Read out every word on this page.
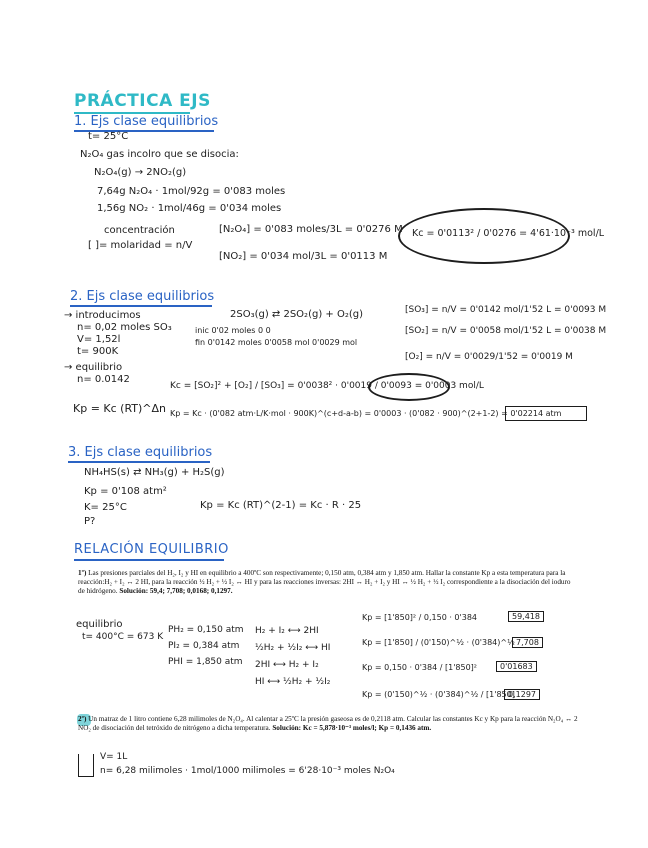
PRÁCTICA EJS
1. Ejs clase equilibrios
t= 25°C
N₂O₄ gas incolro que se disocia:
N₂O₄(g) → 2NO₂(g)
7,64g N₂O₄ · 1mol/92g = 0'083 moles
1,56g NO₂ · 1mol/46g = 0'034 moles
concentración
[ ]= molaridad = n/V
[N₂O₄] = 0'083 moles/3L = 0'0276 M
[NO₂] = 0'034 mol/3L = 0'0113 M
Kc = 0'0113² / 0'0276 = 4'61·10⁻³ mol/L
2. Ejs clase equilibrios
→ introducimos
n= 0,02 moles SO₃
V= 1,52l
t= 900K
→ equilibrio
n= 0.0142
2SO₃(g) ⇄ 2SO₂(g) + O₂(g)
inic 0'02 moles 0 0
fin 0'0142 moles 0'0058 mol 0'0029 mol
[SO₃] = n/V = 0'0142 mol/1'52 L = 0'0093 M
[SO₂] = n/V = 0'0058 mol/1'52 L = 0'0038 M
[O₂] = n/V = 0'0029/1'52 = 0'0019 M
Kc = [SO₂]² + [O₂] / [SO₃] = 0'0038² · 0'0019 / 0'0093 = 0'0003 mol/L
Kp = Kc (RT)^Δn Kp = Kc · (0'082 atm·L/K·mol · 900K)^(c+d-a-b) = 0'0003 · (0'082 · 900)^(2+1-2) = 0'02214 atm
3. Ejs clase equilibrios
NH₄HS(s) ⇄ NH₃(g) + H₂S(g)
Kp = 0'108 atm²
K= 25°C
P?
Kp = Kc (RT)^(2-1) = Kc · R · 25
RELACIÓN EQUILIBRIO
1º) Las presiones parciales del H₂, I₂ y HI en equilibrio a 400ºC son respectivamente; 0,150 atm, 0,384 atm y 1,850 atm. Hallar la constante Kp a esta temperatura para la reacción:H₂ + I₂ ↔ 2 HI, para la reacción ½ H₂ + ½ I₂ ↔ HI y para las reacciones inversas: 2HI ↔ H₂ + I₂ y HI ↔ ½ H₂ + ½ I₂ correspondiente a la disociación del ioduro de hidrógeno. Solución: 59,4; 7,708; 0,0168; 0,1297.
equilibrio
t= 400°C = 673 K
PH₂ = 0,150 atm
PI₂ = 0,384 atm
PHI = 1,850 atm
H₂ + I₂ ⟷ 2HI
½H₂ + ½I₂ ⟷ HI
2HI ⟷ H₂ + I₂
HI ⟷ ½H₂ + ½I₂
Kp = [1'850]² / 0,150 · 0'384	59,418
Kp = [1'850] / (0'150)^½ · (0'384)^½ 7,708
Kp = 0,150 · 0'384 / [1'850]²	0'01683
Kp = (0'150)^½ · (0'384)^½ / [1'850]
0,1297
2º) Un matraz de 1 litro contiene 6,28 milimoles de N₂O₄. Al calentar a 25ºC la presión gaseosa es de 0,2118 atm. Calcular las constantes Kc y Kp para la reacción N₂O₄ ↔ 2 NO₂ de disociación del tetróxido de nitrógeno a dicha temperatura. Solución: Kc = 5,878·10⁻³ moles/l; Kp = 0,1436 atm.
V= 1L
n= 6,28 milimoles · 1mol/1000 milimoles = 6'28·10⁻³ moles N₂O₄
